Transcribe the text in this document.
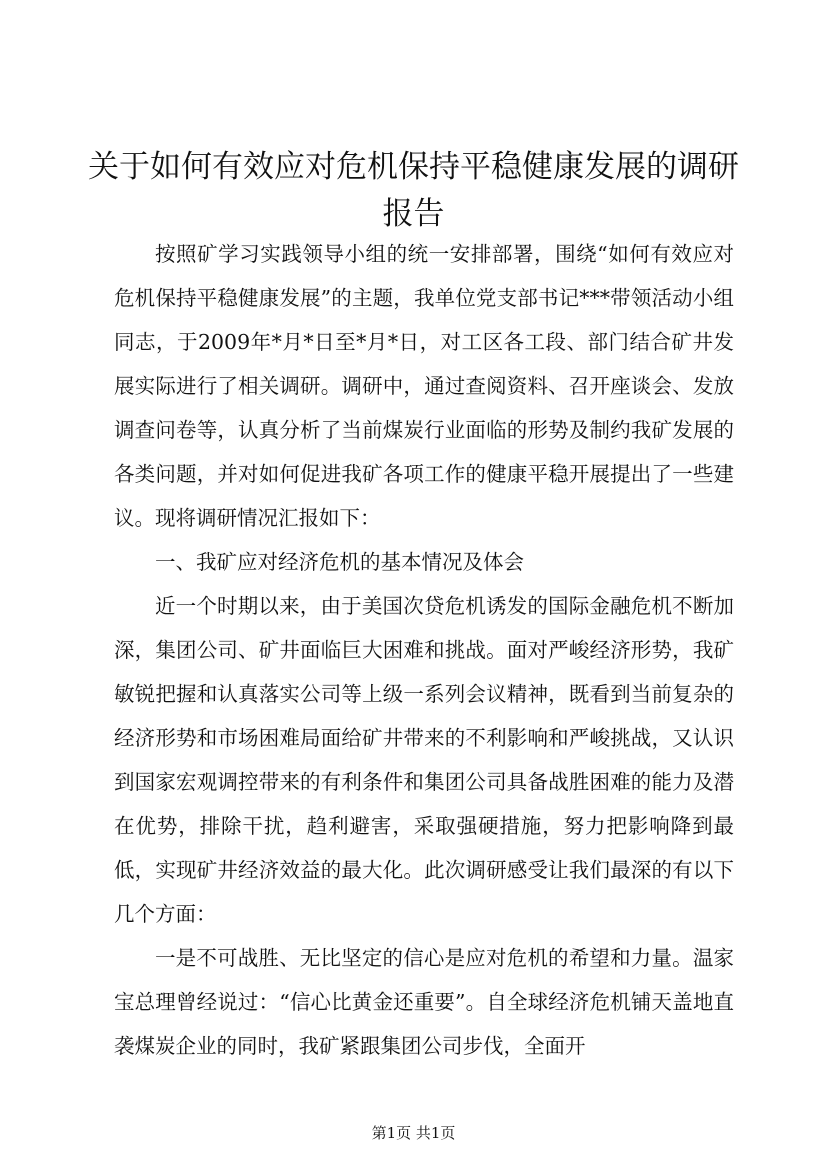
关于如何有效应对危机保持平稳健康发展的调研报告

按照矿学习实践领导小组的统一安排部署，围绕“如何有效应对危机保持平稳健康发展”的主题，我单位党支部书记***带领活动小组同志，于2009年*月*日至*月*日，对工区各工段、部门结合矿井发展实际进行了相关调研。调研中，通过查阅资料、召开座谈会、发放调查问卷等，认真分析了当前煤炭行业面临的形势及制约我矿发展的各类问题，并对如何促进我矿各项工作的健康平稳开展提出了一些建议。现将调研情况汇报如下：

一、我矿应对经济危机的基本情况及体会

近一个时期以来，由于美国次贷危机诱发的国际金融危机不断加深，集团公司、矿井面临巨大困难和挑战。面对严峻经济形势，我矿敏锐把握和认真落实公司等上级一系列会议精神，既看到当前复杂的经济形势和市场困难局面给矿井带来的不利影响和严峻挑战，又认识到国家宏观调控带来的有利条件和集团公司具备战胜困难的能力及潜在优势，排除干扰，趋利避害，采取强硬措施，努力把影响降到最低，实现矿井经济效益的最大化。此次调研感受让我们最深的有以下几个方面：

一是不可战胜、无比坚定的信心是应对危机的希望和力量。温家宝总理曾经说过：“信心比黄金还重要”。自全球经济危机铺天盖地直袭煤炭企业的同时，我矿紧跟集团公司步伐，全面开

第1页 共1页
